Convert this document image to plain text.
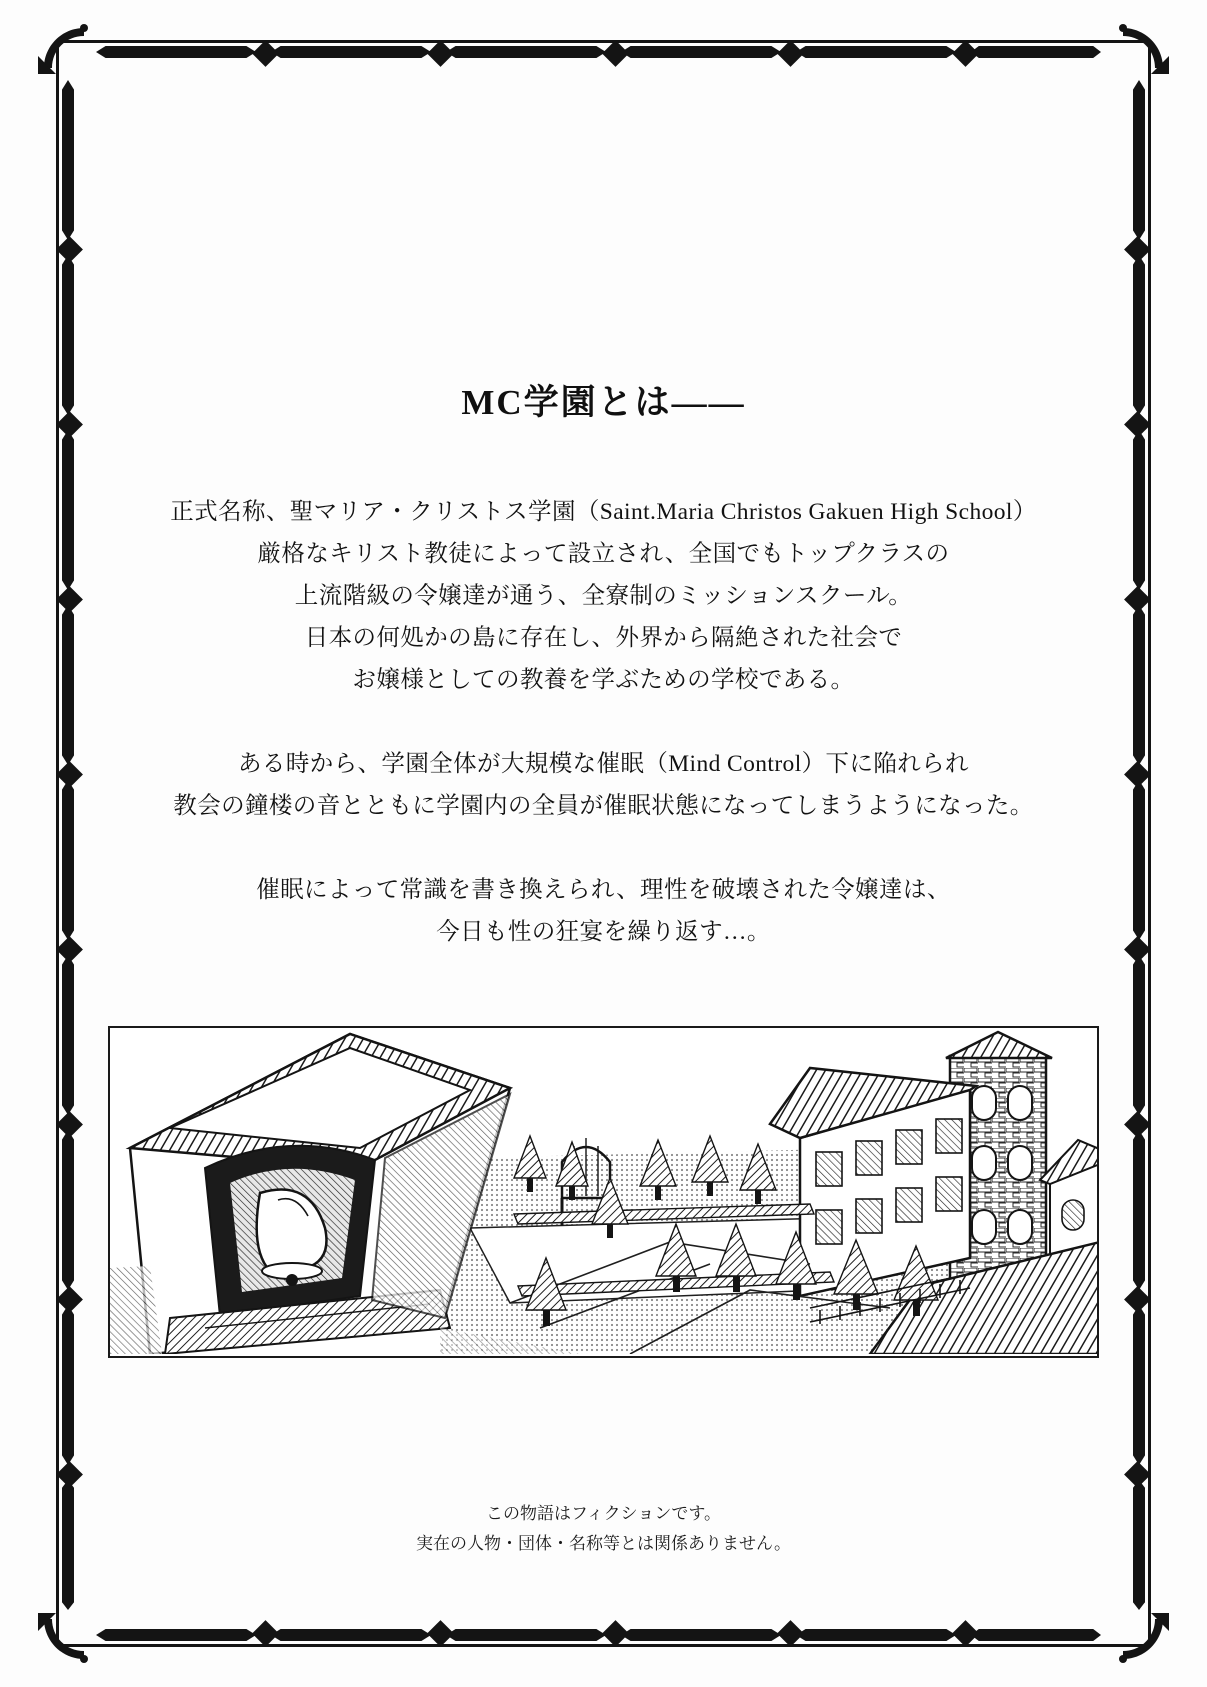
MC学園とは――

正式名称、聖マリア・クリストス学園（Saint.Maria Christos Gakuen High School）

厳格なキリスト教徒によって設立され、全国でもトップクラスの

上流階級の令嬢達が通う、全寮制のミッションスクール。

日本の何処かの島に存在し、外界から隔絶された社会で

お嬢様としての教養を学ぶための学校である。

ある時から、学園全体が大規模な催眠（Mind Control）下に陥れられ

教会の鐘楼の音とともに学園内の全員が催眠状態になってしまうようになった。

催眠によって常識を書き換えられ、理性を破壊された令嬢達は、

今日も性の狂宴を繰り返す…。

この物語はフィクションです。

実在の人物・団体・名称等とは関係ありません。
